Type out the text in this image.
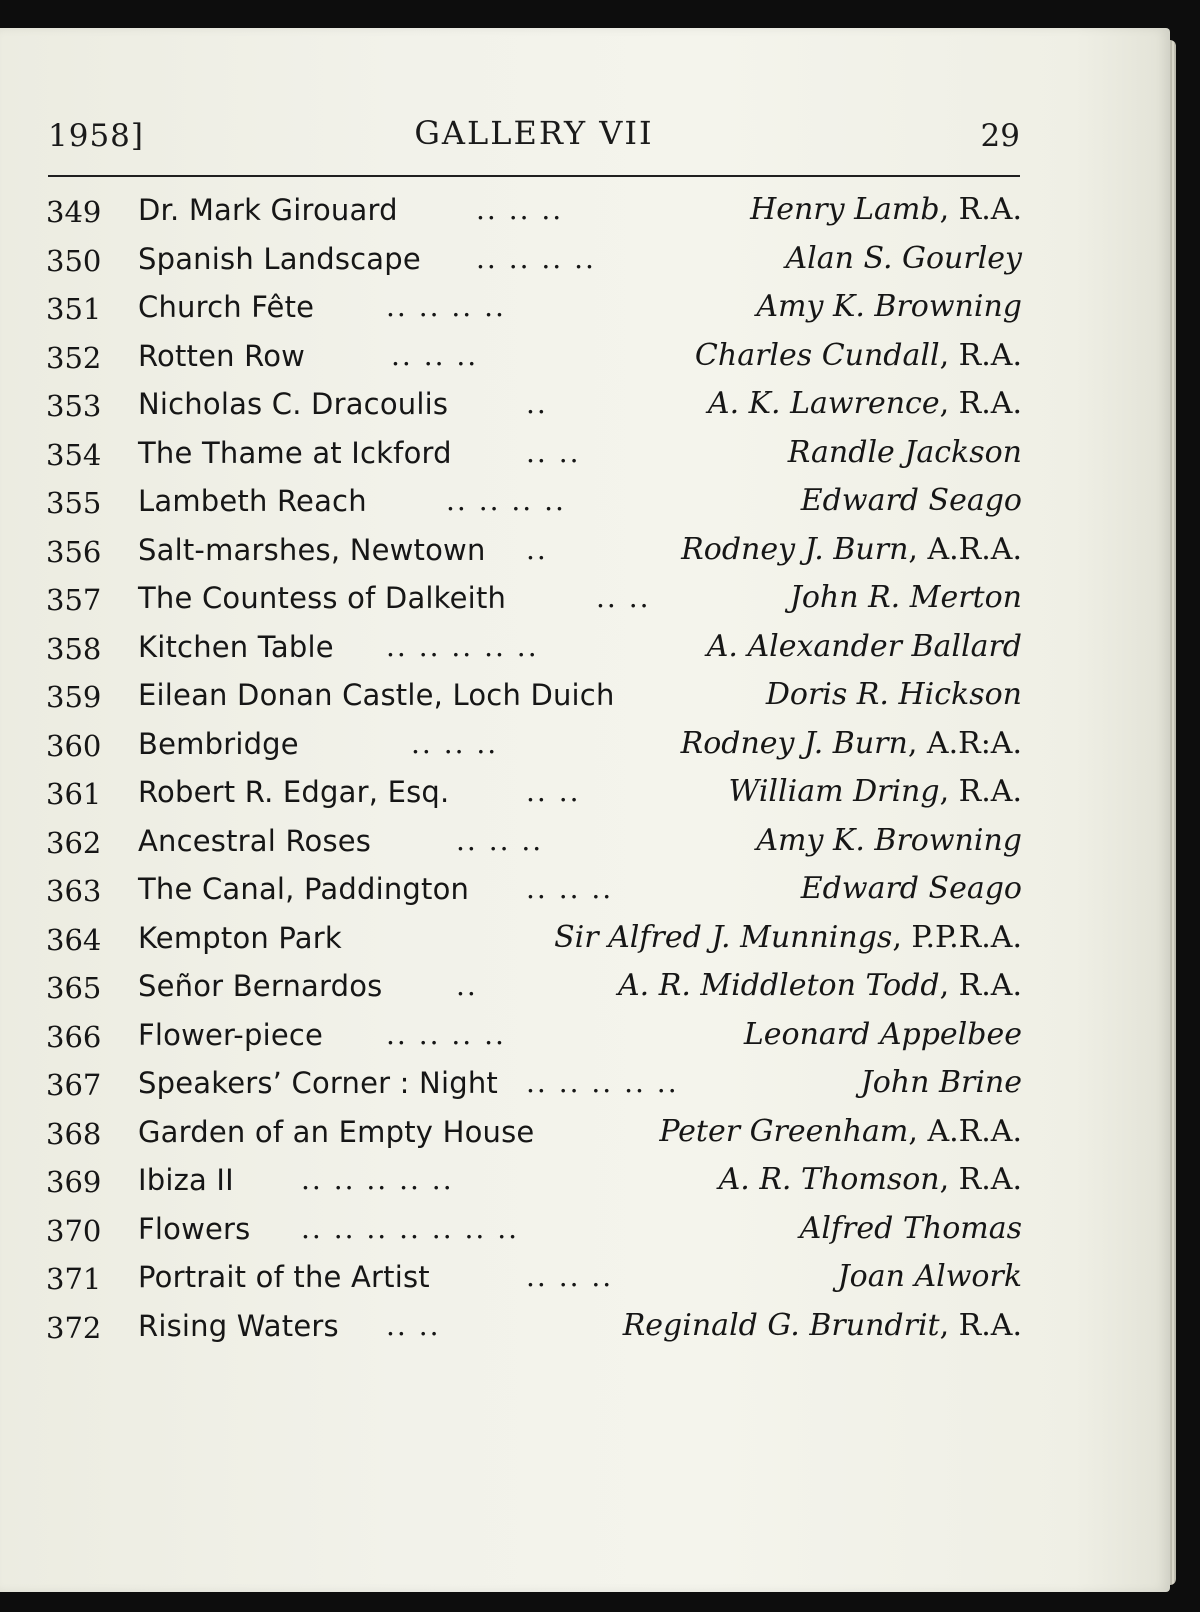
1958]	GALLERY VII	29
349	Dr. Mark Girouard	.. .. ..	Henry Lamb, R.A.
350	Spanish Landscape .. .. .. ..	Alan S. Gourley
351	Church Fête	.. .. .. ..	Amy K. Browning
352	Rotten Row	.. .. ..	Charles Cundall, R.A.
353	Nicholas C. Dracoulis	..	A. K. Lawrence, R.A.
354	The Thame at Ickford	.. ..	Randle Jackson
355	Lambeth Reach	.. .. .. ..	Edward Seago
356	Salt-marshes, Newtown ..	Rodney J. Burn, A.R.A.
357	The Countess of Dalkeith	.. ..	John R. Merton
358	Kitchen Table .. .. .. .. ..	A. Alexander Ballard
359	Eilean Donan Castle, Loch Duich	Doris R. Hickson
360	Bembridge	.. .. ..	Rodney J. Burn, A.R:A.
361	Robert R. Edgar, Esq.	.. ..	William Dring, R.A.
362	Ancestral Roses	.. .. ..	Amy K. Browning
363	The Canal, Paddington .. .. ..	Edward Seago
364	Kempton Park	Sir Alfred J. Munnings, P.P.R.A.
365	Señor Bernardos	..	A. R. Middleton Todd, R.A.
366	Flower-piece .. .. .. ..	Leonard Appelbee
367	Speakers’ Corner : Night .. .. .. .. ..	John Brine
368	Garden of an Empty House	Peter Greenham, A.R.A.
369	Ibiza II .. .. .. .. ..	A. R. Thomson, R.A.
370	Flowers .. .. .. .. .. .. ..	Alfred Thomas
371	Portrait of the Artist	.. .. ..	Joan Alwork
372	Rising Waters .. ..	Reginald G. Brundrit, R.A.
